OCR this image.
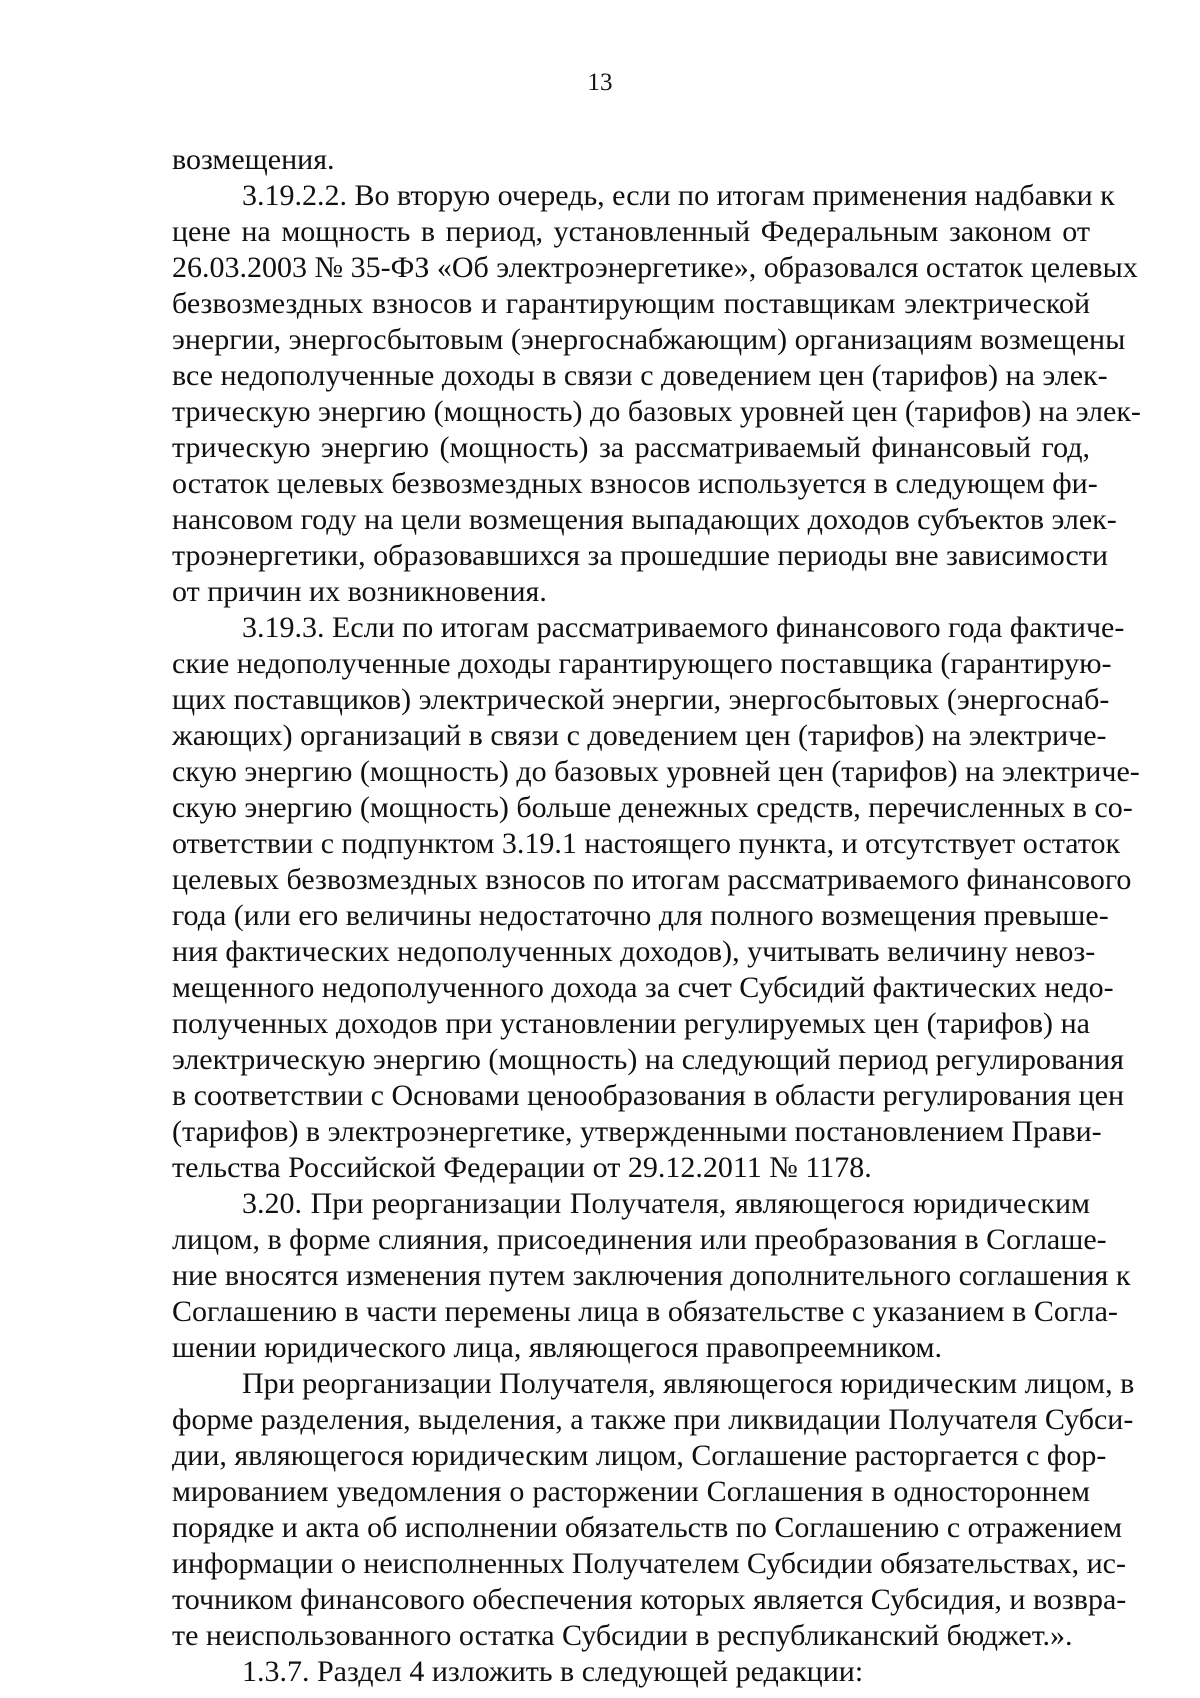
13
возмещения.
3.19.2.2. Во вторую очередь, если по итогам применения надбавки к
цене на мощность в период, установленный Федеральным законом от
26.03.2003 № 35-ФЗ «Об электроэнергетике», образовался остаток целевых
безвозмездных взносов и гарантирующим поставщикам электрической
энергии, энергосбытовым (энергоснабжающим) организациям возмещены
все недополученные доходы в связи с доведением цен (тарифов) на элек-
трическую энергию (мощность) до базовых уровней цен (тарифов) на элек-
трическую энергию (мощность) за рассматриваемый финансовый год,
остаток целевых безвозмездных взносов используется в следующем фи-
нансовом году на цели возмещения выпадающих доходов субъектов элек-
троэнергетики, образовавшихся за прошедшие периоды вне зависимости
от причин их возникновения.
3.19.3. Если по итогам рассматриваемого финансового года фактиче-
ские недополученные доходы гарантирующего поставщика (гарантирую-
щих поставщиков) электрической энергии, энергосбытовых (энергоснаб-
жающих) организаций в связи с доведением цен (тарифов) на электриче-
скую энергию (мощность) до базовых уровней цен (тарифов) на электриче-
скую энергию (мощность) больше денежных средств, перечисленных в со-
ответствии с подпунктом 3.19.1 настоящего пункта, и отсутствует остаток
целевых безвозмездных взносов по итогам рассматриваемого финансового
года (или его величины недостаточно для полного возмещения превыше-
ния фактических недополученных доходов), учитывать величину невоз-
мещенного недополученного дохода за счет Субсидий фактических недо-
полученных доходов при установлении регулируемых цен (тарифов) на
электрическую энергию (мощность) на следующий период регулирования
в соответствии с Основами ценообразования в области регулирования цен
(тарифов) в электроэнергетике, утвержденными постановлением Прави-
тельства Российской Федерации от 29.12.2011 № 1178.
3.20. При реорганизации Получателя, являющегося юридическим
лицом, в форме слияния, присоединения или преобразования в Соглаше-
ние вносятся изменения путем заключения дополнительного соглашения к
Соглашению в части перемены лица в обязательстве с указанием в Согла-
шении юридического лица, являющегося правопреемником.
При реорганизации Получателя, являющегося юридическим лицом, в
форме разделения, выделения, а также при ликвидации Получателя Субси-
дии, являющегося юридическим лицом, Соглашение расторгается с фор-
мированием уведомления о расторжении Соглашения в одностороннем
порядке и акта об исполнении обязательств по Соглашению с отражением
информации о неисполненных Получателем Субсидии обязательствах, ис-
точником финансового обеспечения которых является Субсидия, и возвра-
те неиспользованного остатка Субсидии в республиканский бюджет.».
1.3.7. Раздел 4 изложить в следующей редакции:
